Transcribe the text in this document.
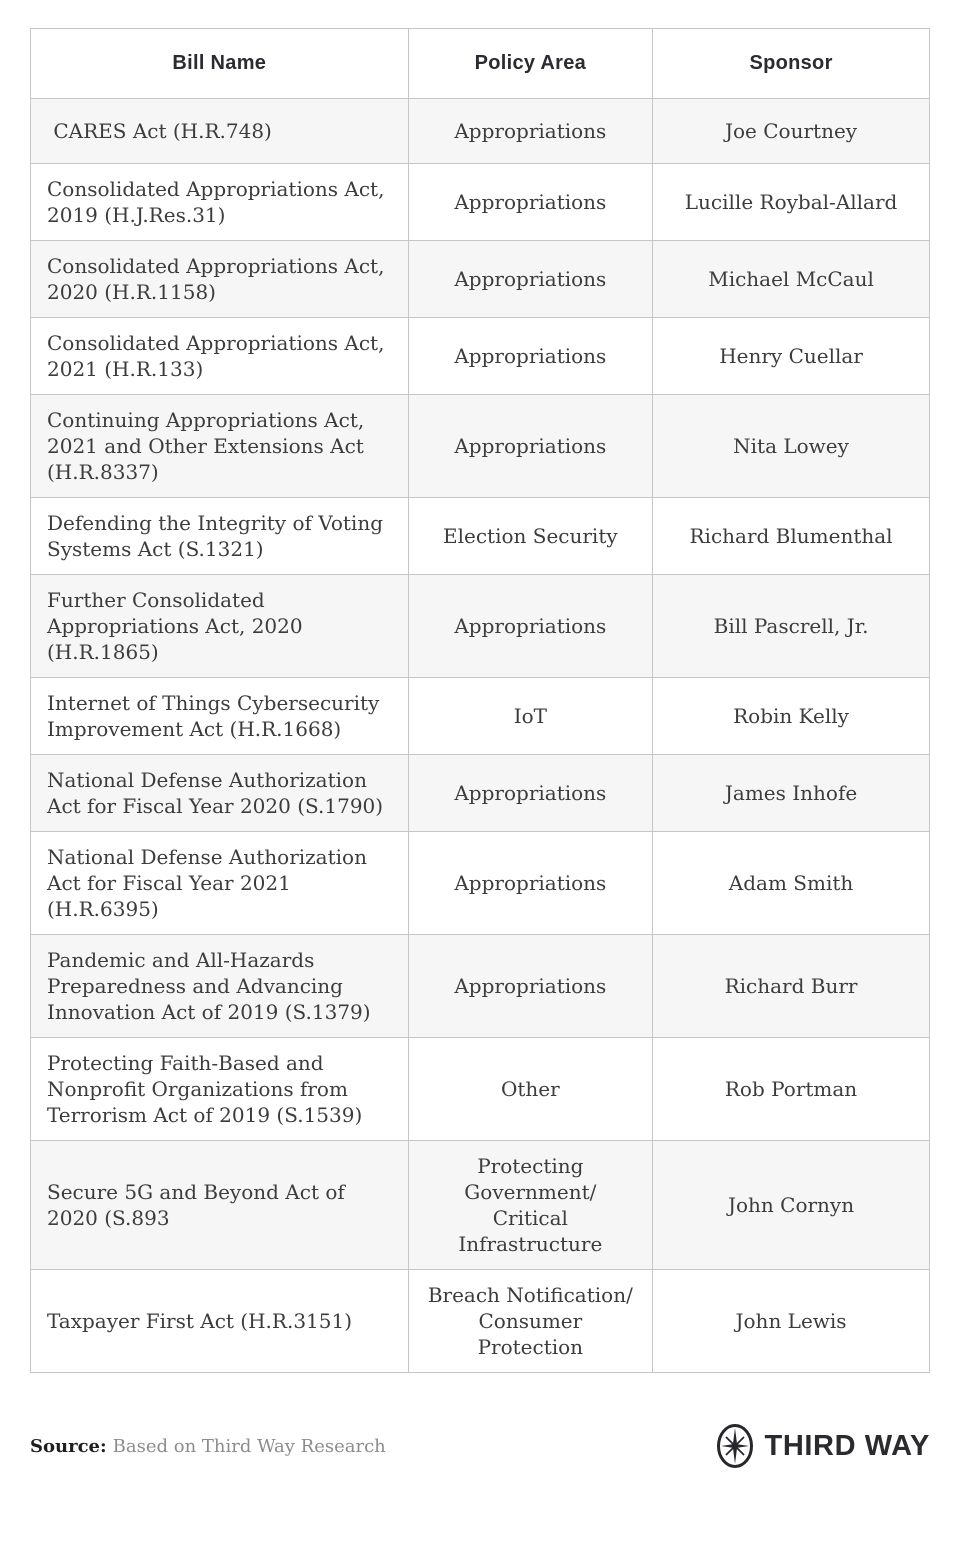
Bill Name	Policy Area	Sponsor
CARES Act (H.R.748)	Appropriations	Joe Courtney
Consolidated Appropriations Act, 2019 (H.J.Res.31)	Appropriations	Lucille Roybal-Allard
Consolidated Appropriations Act, 2020 (H.R.1158)	Appropriations	Michael McCaul
Consolidated Appropriations Act, 2021 (H.R.133)	Appropriations	Henry Cuellar
Continuing Appropriations Act, 2021 and Other Extensions Act (H.R.8337)	Appropriations	Nita Lowey
Defending the Integrity of Voting Systems Act (S.1321)	Election Security	Richard Blumenthal
Further Consolidated Appropriations Act, 2020 (H.R.1865)	Appropriations	Bill Pascrell, Jr.
Internet of Things Cybersecurity Improvement Act (H.R.1668)	IoT	Robin Kelly
National Defense Authorization Act for Fiscal Year 2020 (S.1790)	Appropriations	James Inhofe
National Defense Authorization Act for Fiscal Year 2021 (H.R.6395)	Appropriations	Adam Smith
Pandemic and All-Hazards Preparedness and Advancing Innovation Act of 2019 (S.1379)	Appropriations	Richard Burr
Protecting Faith-Based and Nonprofit Organizations from Terrorism Act of 2019 (S.1539)	Other	Rob Portman
Secure 5G and Beyond Act of 2020 (S.893	Protecting Government/ Critical Infrastructure	John Cornyn
Taxpayer First Act (H.R.3151)	Breach Notification/ Consumer Protection	John Lewis
Source: Based on Third Way Research	THIRD WAY
